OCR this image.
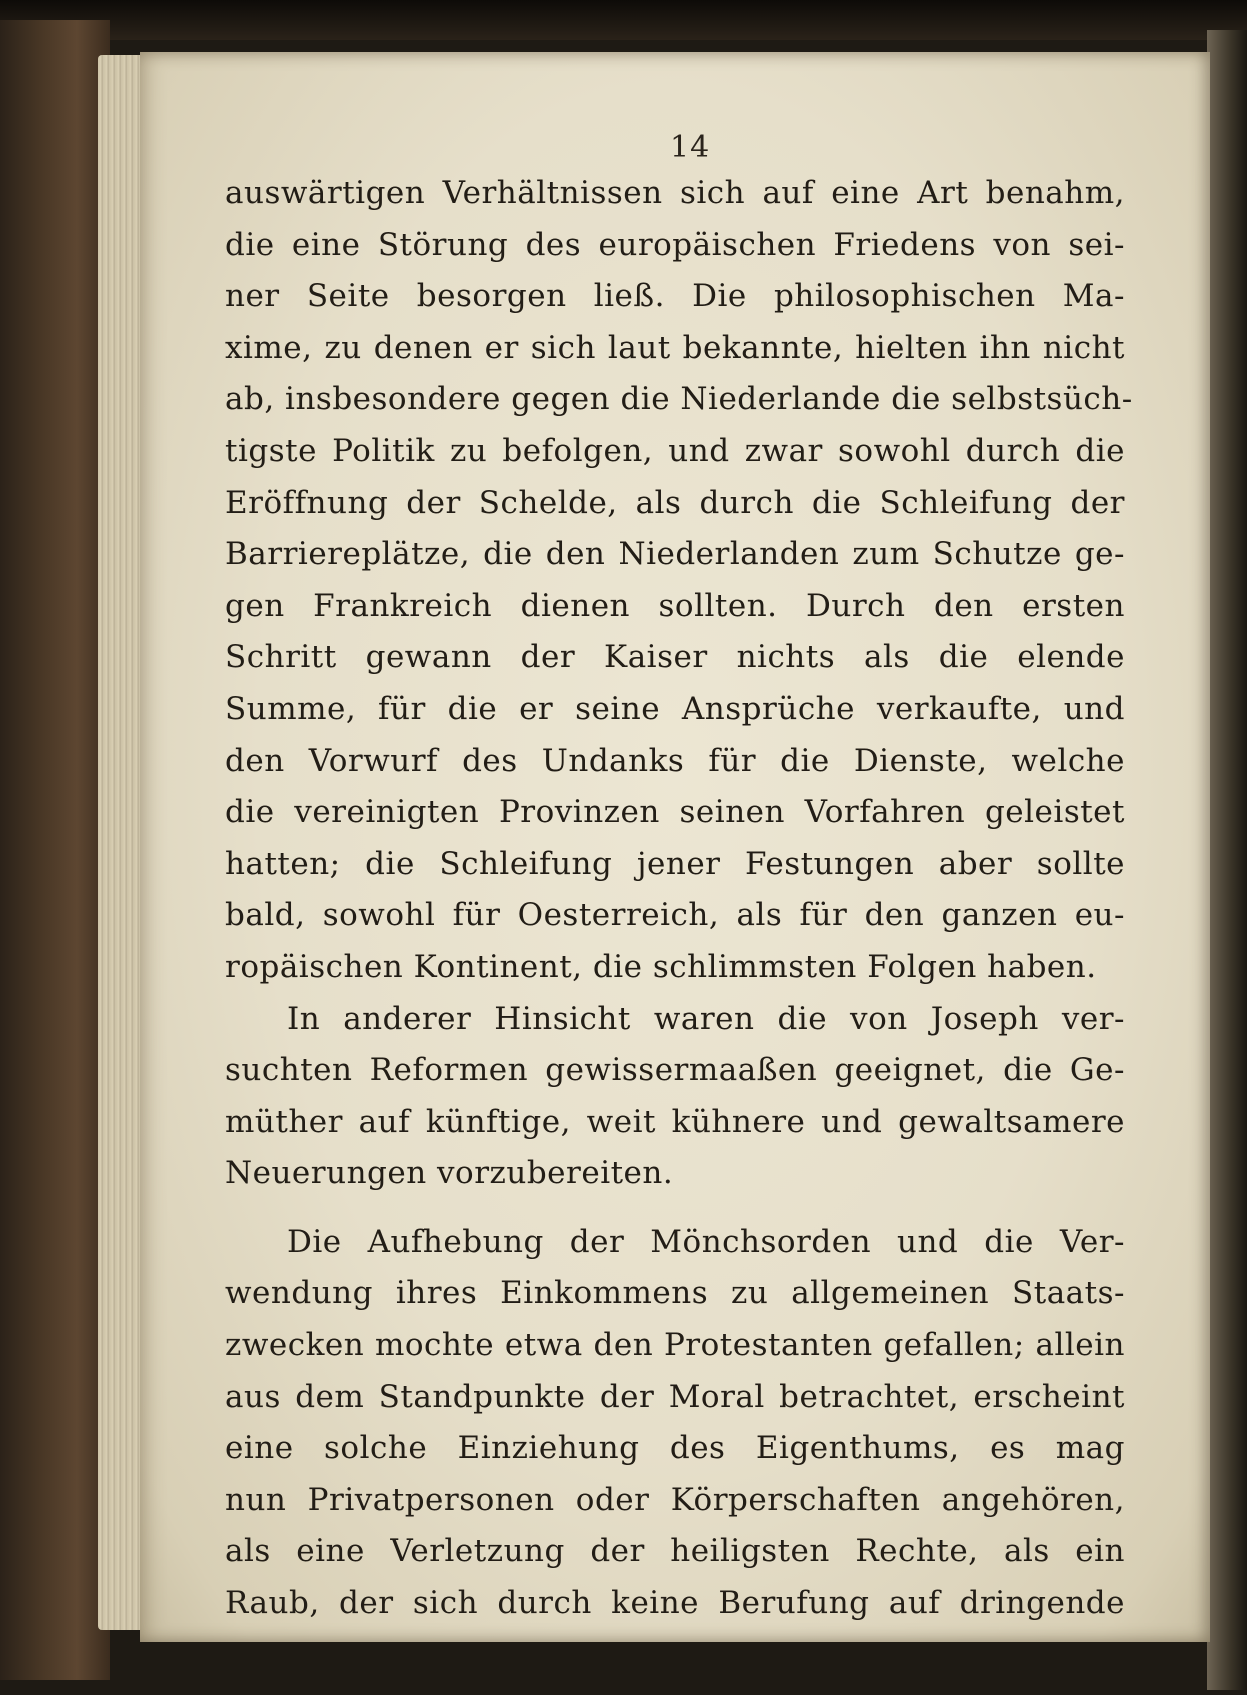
14
auswärtigen Verhältnissen sich auf eine Art benahm,
die eine Störung des europäischen Friedens von sei-
ner Seite besorgen ließ. Die philosophischen Ma-
xime, zu denen er sich laut bekannte, hielten ihn nicht
ab, insbesondere gegen die Niederlande die selbstsüch-
tigste Politik zu befolgen, und zwar sowohl durch die
Eröffnung der Schelde, als durch die Schleifung der
Barriereplätze, die den Niederlanden zum Schutze ge-
gen Frankreich dienen sollten. Durch den ersten
Schritt gewann der Kaiser nichts als die elende
Summe, für die er seine Ansprüche verkaufte, und
den Vorwurf des Undanks für die Dienste, welche
die vereinigten Provinzen seinen Vorfahren geleistet
hatten; die Schleifung jener Festungen aber sollte
bald, sowohl für Oesterreich, als für den ganzen eu-
ropäischen Kontinent, die schlimmsten Folgen haben.
In anderer Hinsicht waren die von Joseph ver-
suchten Reformen gewissermaaßen geeignet, die Ge-
müther auf künftige, weit kühnere und gewaltsamere
Neuerungen vorzubereiten.
Die Aufhebung der Mönchsorden und die Ver-
wendung ihres Einkommens zu allgemeinen Staats-
zwecken mochte etwa den Protestanten gefallen; allein
aus dem Standpunkte der Moral betrachtet, erscheint
eine solche Einziehung des Eigenthums, es mag
nun Privatpersonen oder Körperschaften angehören,
als eine Verletzung der heiligsten Rechte, als ein
Raub, der sich durch keine Berufung auf dringende
